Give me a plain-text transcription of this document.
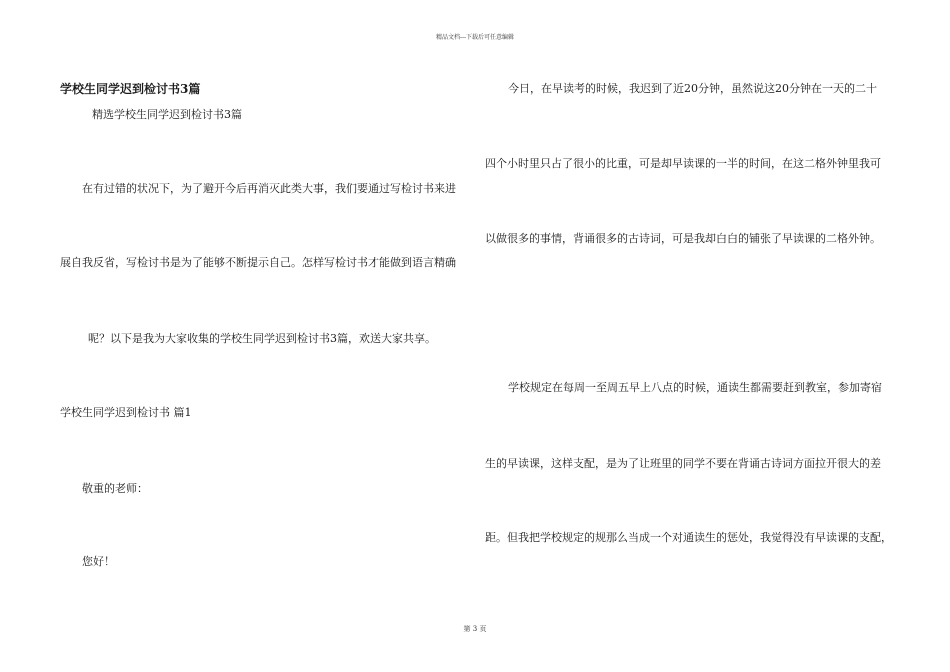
精品文档---下载后可任意编辑
学校生同学迟到检讨书3篇
精选学校生同学迟到检讨书3篇
在有过错的状况下，为了避开今后再消灭此类大事，我们要通过写检讨书来进
展自我反省，写检讨书是为了能够不断提示自己。怎样写检讨书才能做到语言精确
呢？以下是我为大家收集的学校生同学迟到检讨书3篇，欢送大家共享。
学校生同学迟到检讨书 篇1
敬重的老师：
您好！
今日，在早读考的时候，我迟到了近20分钟，虽然说这20分钟在一天的二十
四个小时里只占了很小的比重，可是却早读课的一半的时间，在这二格外钟里我可
以做很多的事情，背诵很多的古诗词，可是我却白白的铺张了早读课的二格外钟。
学校规定在每周一至周五早上八点的时候，通读生都需要赶到教室，参加寄宿
生的早读课，这样支配，是为了让班里的同学不要在背诵古诗词方面拉开很大的差
距。但我把学校规定的规那么当成一个对通读生的惩处，我觉得没有早读课的支配，
第 3 页
